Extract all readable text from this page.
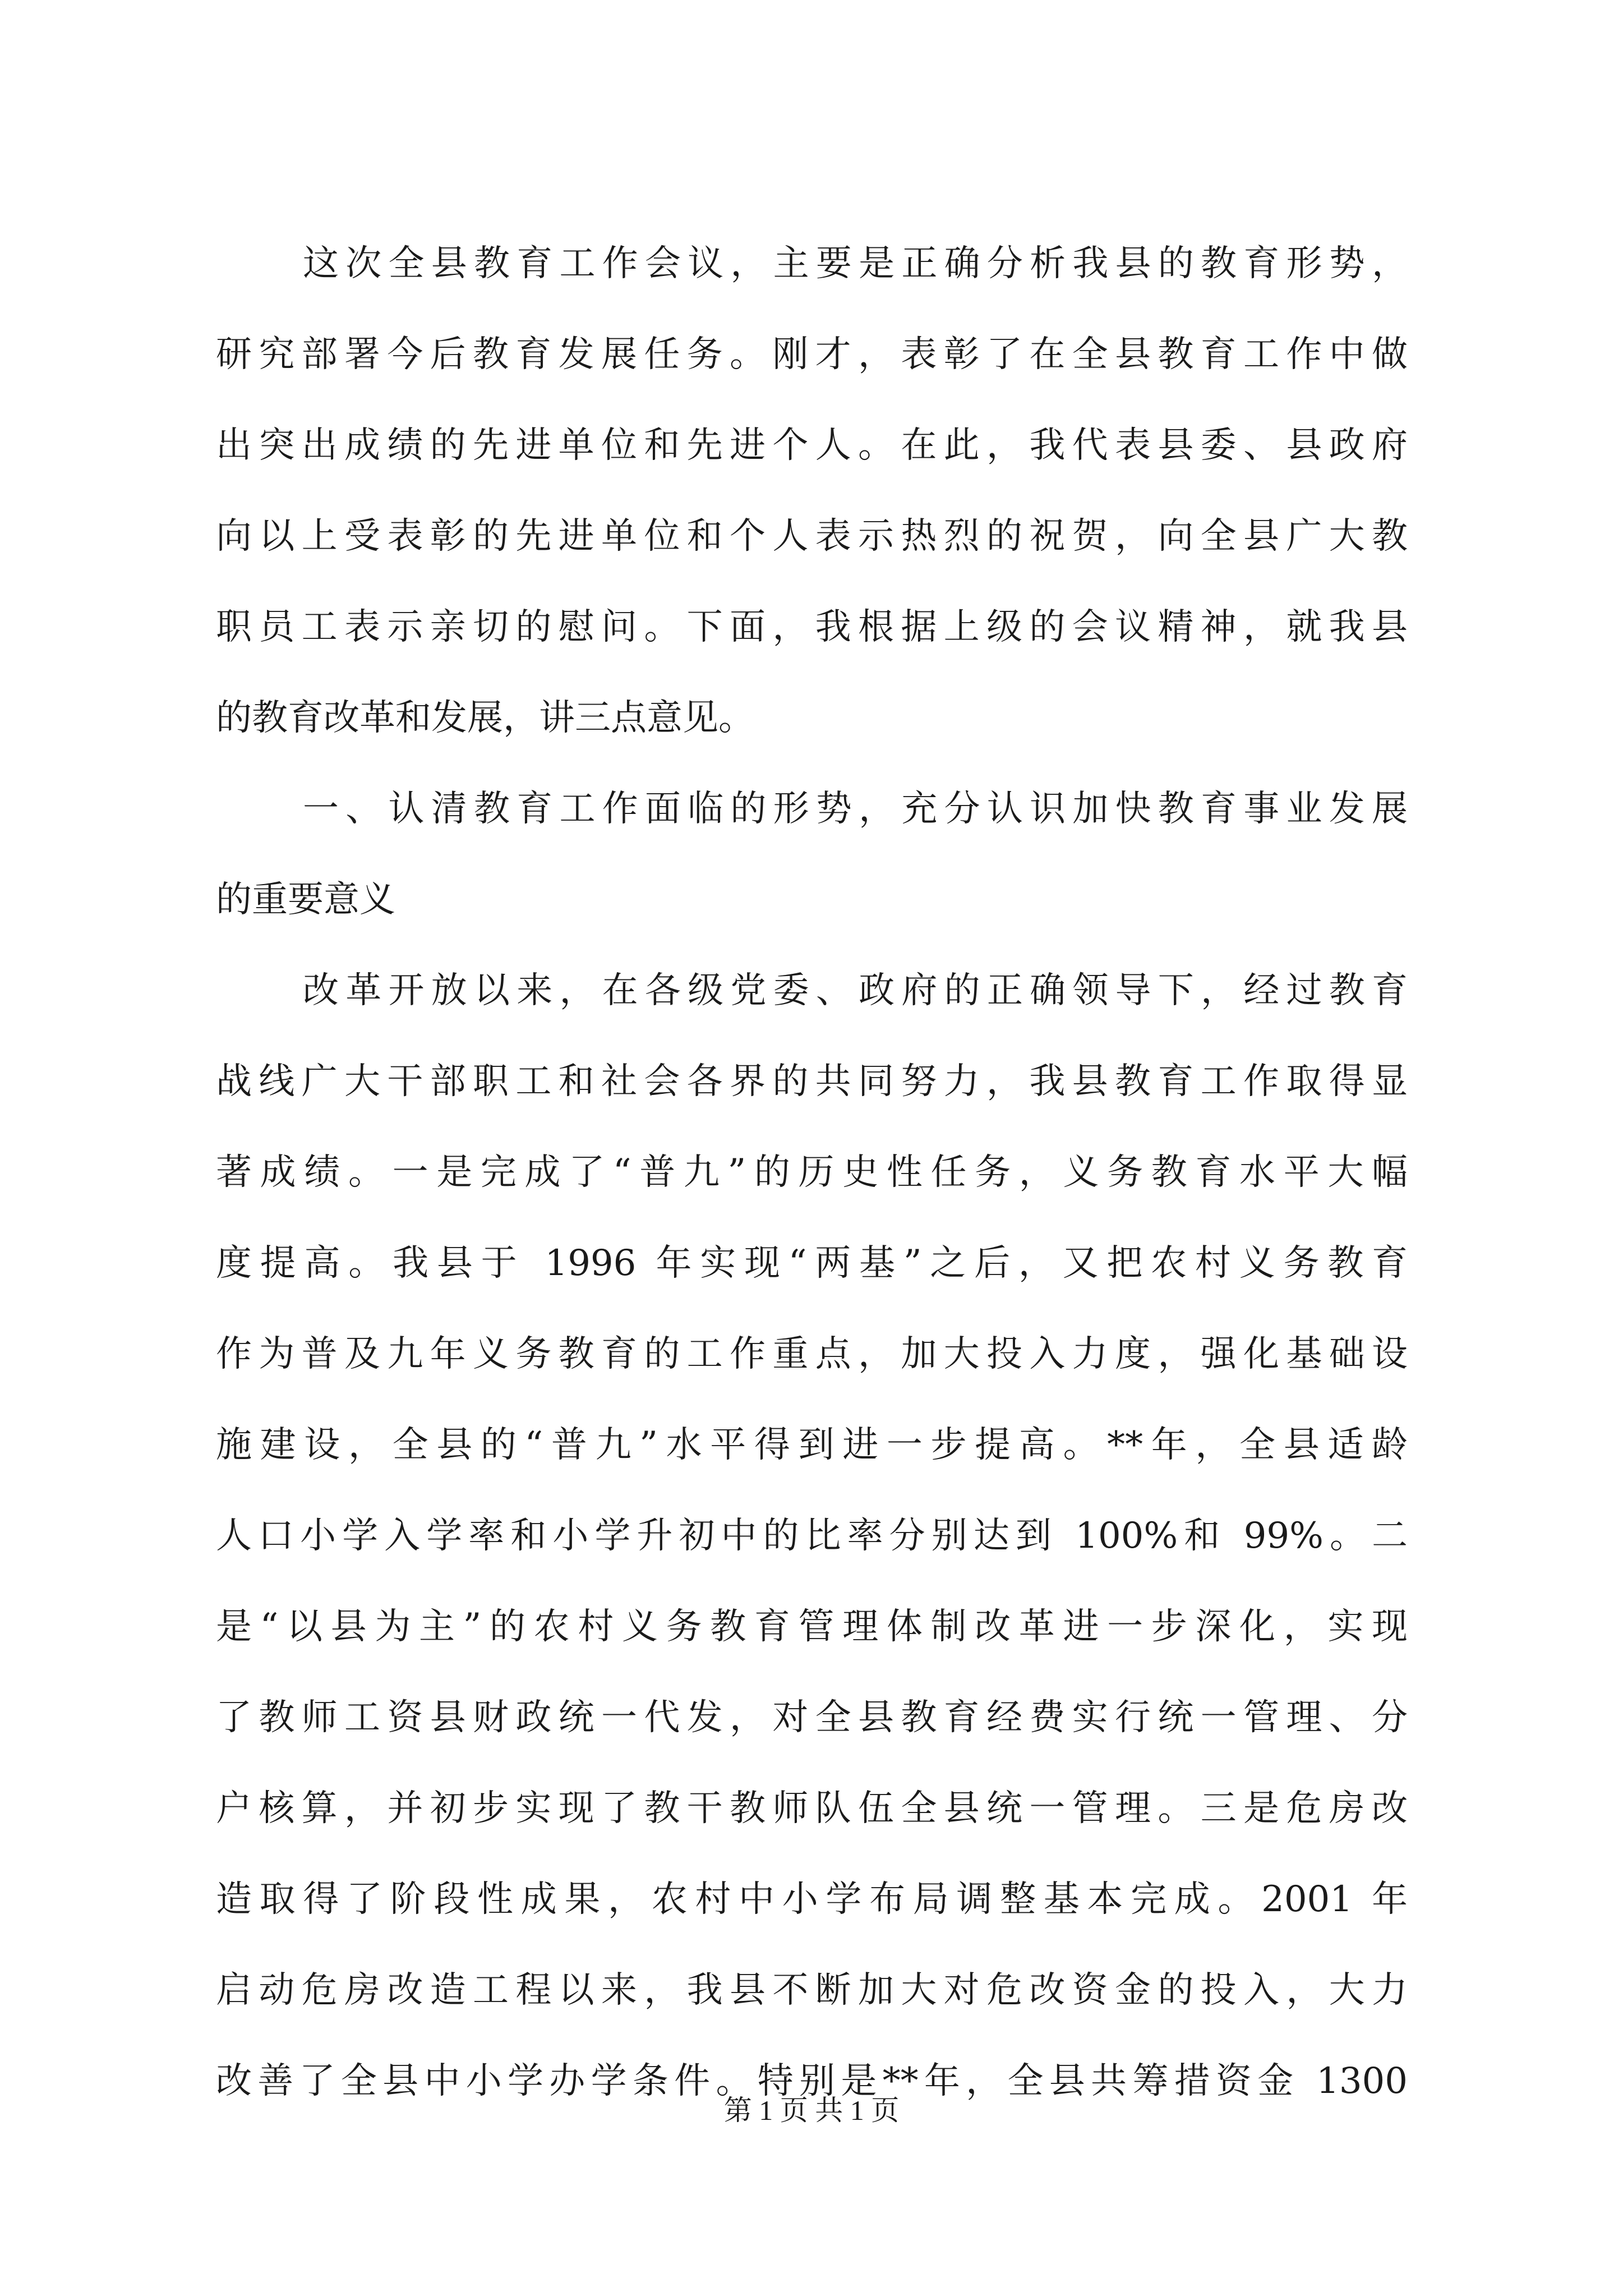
这次全县教育工作会议，主要是正确分析我县的教育形势，
研究部署今后教育发展任务。刚才，表彰了在全县教育工作中做
出突出成绩的先进单位和先进个人。在此，我代表县委、县政府
向以上受表彰的先进单位和个人表示热烈的祝贺，向全县广大教
职员工表示亲切的慰问。下面，我根据上级的会议精神，就我县
的教育改革和发展，讲三点意见。
一、认清教育工作面临的形势，充分认识加快教育事业发展
的重要意义
改革开放以来，在各级党委、政府的正确领导下，经过教育
战线广大干部职工和社会各界的共同努力，我县教育工作取得显
著成绩。一是完成了“普九”的历史性任务，义务教育水平大幅
度提高。我县于 1996 年实现“两基”之后，又把农村义务教育
作为普及九年义务教育的工作重点，加大投入力度，强化基础设
施建设，全县的“普九”水平得到进一步提高。**年，全县适龄
人口小学入学率和小学升初中的比率分别达到 100%和 99%。二
是“以县为主”的农村义务教育管理体制改革进一步深化，实现
了教师工资县财政统一代发，对全县教育经费实行统一管理、分
户核算，并初步实现了教干教师队伍全县统一管理。三是危房改
造取得了阶段性成果，农村中小学布局调整基本完成。2001 年
启动危房改造工程以来，我县不断加大对危改资金的投入，大力
改善了全县中小学办学条件。特别是**年，全县共筹措资金 1300
第 1 页 共 1 页
